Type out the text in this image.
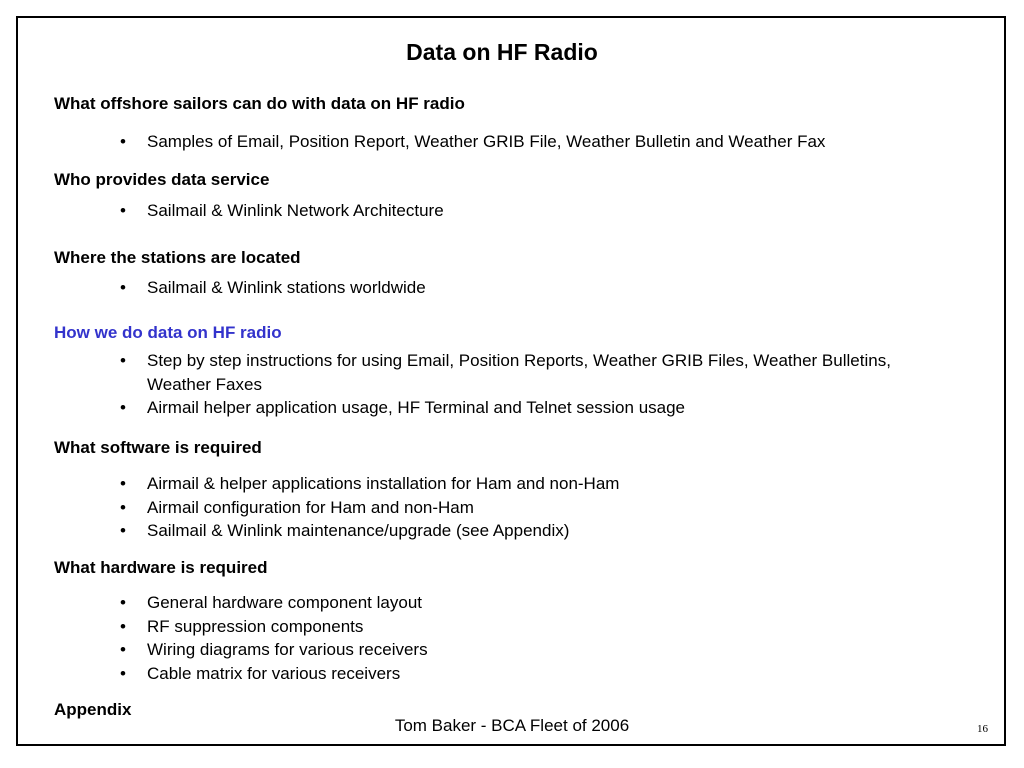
Data on HF Radio
What offshore sailors can do with data on HF radio
• Samples of Email, Position Report, Weather GRIB File, Weather Bulletin and Weather Fax
Who provides data service
• Sailmail & Winlink Network Architecture
Where the stations are located
• Sailmail & Winlink stations worldwide
How we do data on HF radio
• Step by step instructions for using Email, Position Reports, Weather GRIB Files, Weather Bulletins, Weather Faxes
• Airmail helper application usage, HF Terminal and Telnet session usage
What software is required
• Airmail & helper applications installation for Ham and non-Ham
• Airmail configuration for Ham and non-Ham
• Sailmail & Winlink maintenance/upgrade (see Appendix)
What hardware is required
• General hardware component layout
• RF suppression components
• Wiring diagrams for various receivers
• Cable matrix for various receivers
Appendix
Tom Baker - BCA Fleet of 2006	16
